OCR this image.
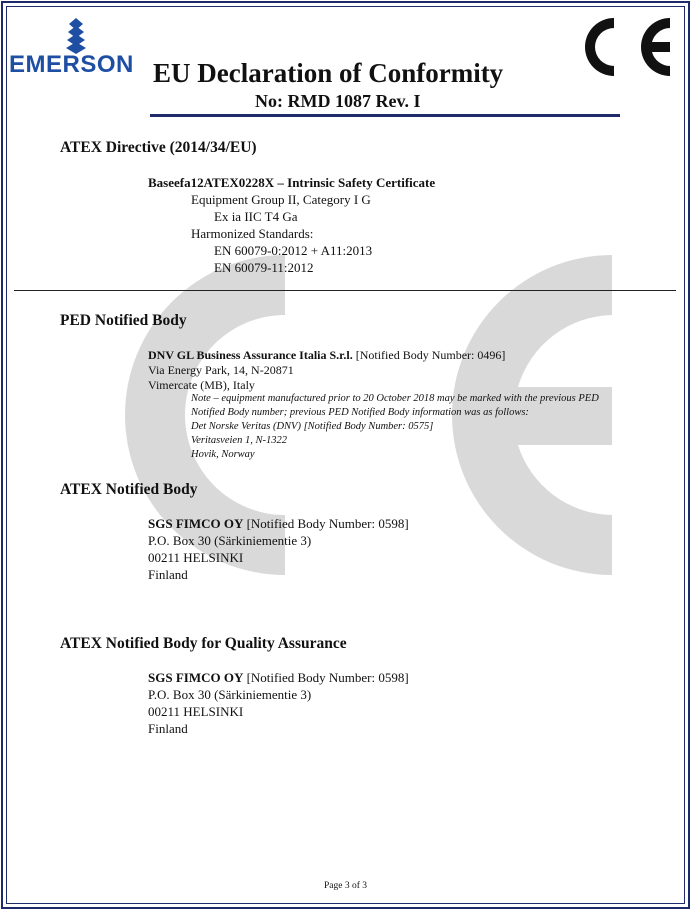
EMERSON EU Declaration of Conformity
No: RMD 1087 Rev. I
ATEX Directive (2014/34/EU)
Baseefa12ATEX0228X – Intrinsic Safety Certificate
Equipment Group II, Category I G
Ex ia IIC T4 Ga
Harmonized Standards:
EN 60079-0:2012 + A11:2013
EN 60079-11:2012
PED Notified Body
DNV GL Business Assurance Italia S.r.l. [Notified Body Number: 0496]
Via Energy Park, 14, N-20871
Vimercate (MB), Italy
Note – equipment manufactured prior to 20 October 2018 may be marked with the previous PED
Notified Body number; previous PED Notified Body information was as follows:
Det Norske Veritas (DNV) [Notified Body Number: 0575]
Veritasveien 1, N-1322
Hovik, Norway
ATEX Notified Body
SGS FIMCO OY [Notified Body Number: 0598]
P.O. Box 30 (Särkiniementie 3)
00211 HELSINKI
Finland
ATEX Notified Body for Quality Assurance
SGS FIMCO OY [Notified Body Number: 0598]
P.O. Box 30 (Särkiniementie 3)
00211 HELSINKI
Finland
Page 3 of 3
